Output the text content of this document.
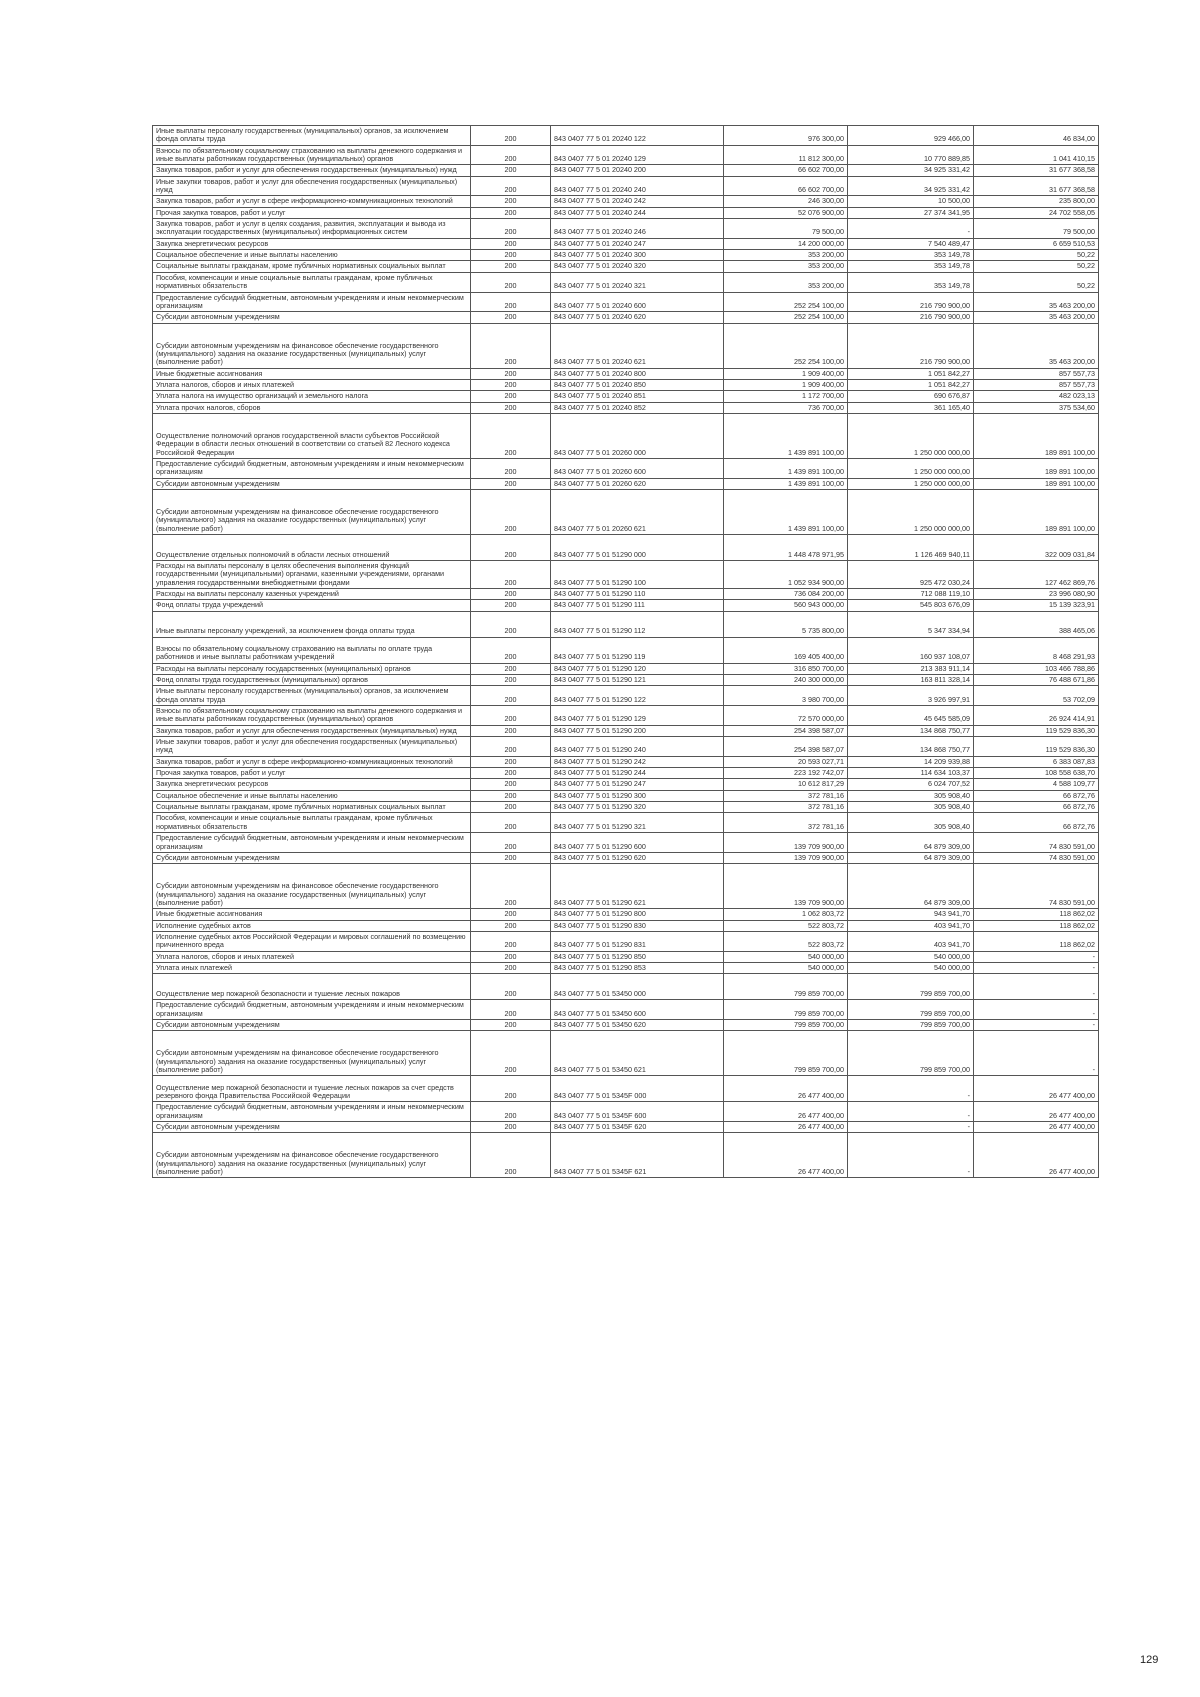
Иные выплаты персоналу государственных (муниципальных) органов, за исключением фонда оплаты труда	200	843 0407 77 5 01 20240 122	976 300,00	929 466,00	46 834,00
Взносы по обязательному социальному страхованию на выплаты денежного содержания и иные выплаты работникам государственных (муниципальных) органов	200	843 0407 77 5 01 20240 129	11 812 300,00	10 770 889,85	1 041 410,15
Закупка товаров, работ и услуг для обеспечения государственных (муниципальных) нужд	200	843 0407 77 5 01 20240 200	66 602 700,00	34 925 331,42	31 677 368,58
Иные закупки товаров, работ и услуг для обеспечения государственных (муниципальных) нужд	200	843 0407 77 5 01 20240 240	66 602 700,00	34 925 331,42	31 677 368,58
Закупка товаров, работ и услуг в сфере информационно-коммуникационных технологий	200	843 0407 77 5 01 20240 242	246 300,00	10 500,00	235 800,00
Прочая закупка товаров, работ и услуг	200	843 0407 77 5 01 20240 244	52 076 900,00	27 374 341,95	24 702 558,05
Закупка товаров, работ и услуг в целях создания, развития, эксплуатации и вывода из эксплуатации государственных (муниципальных) информационных систем	200	843 0407 77 5 01 20240 246	79 500,00	-	79 500,00
Закупка энергетических ресурсов	200	843 0407 77 5 01 20240 247	14 200 000,00	7 540 489,47	6 659 510,53
Социальное обеспечение и иные выплаты населению	200	843 0407 77 5 01 20240 300	353 200,00	353 149,78	50,22
Социальные выплаты гражданам, кроме публичных нормативных социальных выплат	200	843 0407 77 5 01 20240 320	353 200,00	353 149,78	50,22
Пособия, компенсации и иные социальные выплаты гражданам, кроме публичных нормативных обязательств	200	843 0407 77 5 01 20240 321	353 200,00	353 149,78	50,22
Предоставление субсидий бюджетным, автономным учреждениям и иным некоммерческим организациям	200	843 0407 77 5 01 20240 600	252 254 100,00	216 790 900,00	35 463 200,00
Субсидии автономным учреждениям	200	843 0407 77 5 01 20240 620	252 254 100,00	216 790 900,00	35 463 200,00
Субсидии автономным учреждениям на финансовое обеспечение государственного (муниципального) задания на оказание государственных (муниципальных) услуг (выполнение работ)	200	843 0407 77 5 01 20240 621	252 254 100,00	216 790 900,00	35 463 200,00
Иные бюджетные ассигнования	200	843 0407 77 5 01 20240 800	1 909 400,00	1 051 842,27	857 557,73
Уплата налогов, сборов и иных платежей	200	843 0407 77 5 01 20240 850	1 909 400,00	1 051 842,27	857 557,73
Уплата налога на имущество организаций и земельного налога	200	843 0407 77 5 01 20240 851	1 172 700,00	690 676,87	482 023,13
Уплата прочих налогов, сборов	200	843 0407 77 5 01 20240 852	736 700,00	361 165,40	375 534,60
Осуществление полномочий органов государственной власти субъектов Российской Федерации в области лесных отношений в соответствии со статьей 82 Лесного кодекса Российской Федерации	200	843 0407 77 5 01 20260 000	1 439 891 100,00	1 250 000 000,00	189 891 100,00
Предоставление субсидий бюджетным, автономным учреждениям и иным некоммерческим организациям	200	843 0407 77 5 01 20260 600	1 439 891 100,00	1 250 000 000,00	189 891 100,00
Субсидии автономным учреждениям	200	843 0407 77 5 01 20260 620	1 439 891 100,00	1 250 000 000,00	189 891 100,00
Субсидии автономным учреждениям на финансовое обеспечение государственного (муниципального) задания на оказание государственных (муниципальных) услуг (выполнение работ)	200	843 0407 77 5 01 20260 621	1 439 891 100,00	1 250 000 000,00	189 891 100,00
Осуществление отдельных полномочий в области лесных отношений	200	843 0407 77 5 01 51290 000	1 448 478 971,95	1 126 469 940,11	322 009 031,84
Расходы на выплаты персоналу в целях обеспечения выполнения функций государственными (муниципальными) органами, казенными учреждениями, органами управления государственными внебюджетными фондами	200	843 0407 77 5 01 51290 100	1 052 934 900,00	925 472 030,24	127 462 869,76
Расходы на выплаты персоналу казенных учреждений	200	843 0407 77 5 01 51290 110	736 084 200,00	712 088 119,10	23 996 080,90
Фонд оплаты труда учреждений	200	843 0407 77 5 01 51290 111	560 943 000,00	545 803 676,09	15 139 323,91
Иные выплаты персоналу учреждений, за исключением фонда оплаты труда	200	843 0407 77 5 01 51290 112	5 735 800,00	5 347 334,94	388 465,06
Взносы по обязательному социальному страхованию на выплаты по оплате труда работников и иные выплаты работникам учреждений	200	843 0407 77 5 01 51290 119	169 405 400,00	160 937 108,07	8 468 291,93
Расходы на выплаты персоналу государственных (муниципальных) органов	200	843 0407 77 5 01 51290 120	316 850 700,00	213 383 911,14	103 466 788,86
Фонд оплаты труда государственных (муниципальных) органов	200	843 0407 77 5 01 51290 121	240 300 000,00	163 811 328,14	76 488 671,86
Иные выплаты персоналу государственных (муниципальных) органов, за исключением фонда оплаты труда	200	843 0407 77 5 01 51290 122	3 980 700,00	3 926 997,91	53 702,09
Взносы по обязательному социальному страхованию на выплаты денежного содержания и иные выплаты работникам государственных (муниципальных) органов	200	843 0407 77 5 01 51290 129	72 570 000,00	45 645 585,09	26 924 414,91
Закупка товаров, работ и услуг для обеспечения государственных (муниципальных) нужд	200	843 0407 77 5 01 51290 200	254 398 587,07	134 868 750,77	119 529 836,30
Иные закупки товаров, работ и услуг для обеспечения государственных (муниципальных) нужд	200	843 0407 77 5 01 51290 240	254 398 587,07	134 868 750,77	119 529 836,30
Закупка товаров, работ и услуг в сфере информационно-коммуникационных технологий	200	843 0407 77 5 01 51290 242	20 593 027,71	14 209 939,88	6 383 087,83
Прочая закупка товаров, работ и услуг	200	843 0407 77 5 01 51290 244	223 192 742,07	114 634 103,37	108 558 638,70
Закупка энергетических ресурсов	200	843 0407 77 5 01 51290 247	10 612 817,29	6 024 707,52	4 588 109,77
Социальное обеспечение и иные выплаты населению	200	843 0407 77 5 01 51290 300	372 781,16	305 908,40	66 872,76
Социальные выплаты гражданам, кроме публичных нормативных социальных выплат	200	843 0407 77 5 01 51290 320	372 781,16	305 908,40	66 872,76
Пособия, компенсации и иные социальные выплаты гражданам, кроме публичных нормативных обязательств	200	843 0407 77 5 01 51290 321	372 781,16	305 908,40	66 872,76
Предоставление субсидий бюджетным, автономным учреждениям и иным некоммерческим организациям	200	843 0407 77 5 01 51290 600	139 709 900,00	64 879 309,00	74 830 591,00
Субсидии автономным учреждениям	200	843 0407 77 5 01 51290 620	139 709 900,00	64 879 309,00	74 830 591,00
Субсидии автономным учреждениям на финансовое обеспечение государственного (муниципального) задания на оказание государственных (муниципальных) услуг (выполнение работ)	200	843 0407 77 5 01 51290 621	139 709 900,00	64 879 309,00	74 830 591,00
Иные бюджетные ассигнования	200	843 0407 77 5 01 51290 800	1 062 803,72	943 941,70	118 862,02
Исполнение судебных актов	200	843 0407 77 5 01 51290 830	522 803,72	403 941,70	118 862,02
Исполнение судебных актов Российской Федерации и мировых соглашений по возмещению причиненного вреда	200	843 0407 77 5 01 51290 831	522 803,72	403 941,70	118 862,02
Уплата налогов, сборов и иных платежей	200	843 0407 77 5 01 51290 850	540 000,00	540 000,00	-
Уплата иных платежей	200	843 0407 77 5 01 51290 853	540 000,00	540 000,00	-
Осуществление мер пожарной безопасности и тушение лесных пожаров	200	843 0407 77 5 01 53450 000	799 859 700,00	799 859 700,00	-
Предоставление субсидий бюджетным, автономным учреждениям и иным некоммерческим организациям	200	843 0407 77 5 01 53450 600	799 859 700,00	799 859 700,00	-
Субсидии автономным учреждениям	200	843 0407 77 5 01 53450 620	799 859 700,00	799 859 700,00	-
Субсидии автономным учреждениям на финансовое обеспечение государственного (муниципального) задания на оказание государственных (муниципальных) услуг (выполнение работ)	200	843 0407 77 5 01 53450 621	799 859 700,00	799 859 700,00	-
Осуществление мер пожарной безопасности и тушение лесных пожаров за счет средств резервного фонда Правительства Российской Федерации	200	843 0407 77 5 01 5345F 000	26 477 400,00	-	26 477 400,00
Предоставление субсидий бюджетным, автономным учреждениям и иным некоммерческим организациям	200	843 0407 77 5 01 5345F 600	26 477 400,00	-	26 477 400,00
Субсидии автономным учреждениям	200	843 0407 77 5 01 5345F 620	26 477 400,00	-	26 477 400,00
Субсидии автономным учреждениям на финансовое обеспечение государственного (муниципального) задания на оказание государственных (муниципальных) услуг (выполнение работ)	200	843 0407 77 5 01 5345F 621	26 477 400,00	-	26 477 400,00
129
